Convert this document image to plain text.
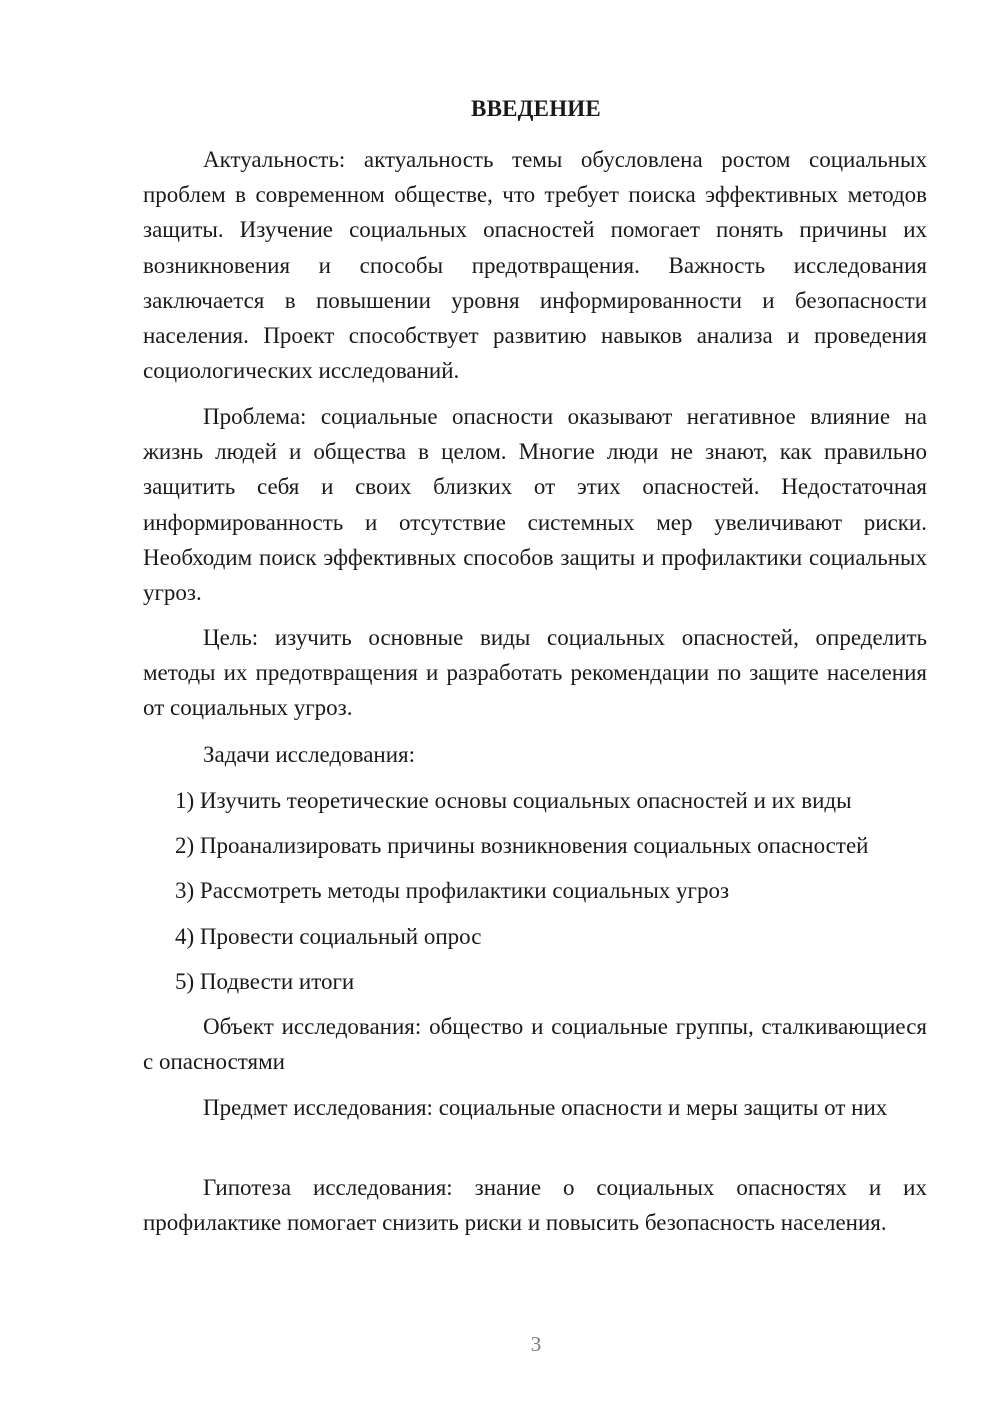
ВВЕДЕНИЕ

Актуальность: актуальность темы обусловлена ростом социальных проблем в современном обществе, что требует поиска эффективных методов защиты. Изучение социальных опасностей помогает понять причины их возникновения и способы предотвращения. Важность исследования заключается в повышении уровня информированности и безопасности населения. Проект способствует развитию навыков анализа и проведения социологических исследований.

Проблема: социальные опасности оказывают негативное влияние на жизнь людей и общества в целом. Многие люди не знают, как правильно защитить себя и своих близких от этих опасностей. Недостаточная информированность и отсутствие системных мер увеличивают риски. Необходим поиск эффективных способов защиты и профилактики социальных угроз.

Цель: изучить основные виды социальных опасностей, определить методы их предотвращения и разработать рекомендации по защите населения от социальных угроз.

Задачи исследования:
1) Изучить теоретические основы социальных опасностей и их виды
2) Проанализировать причины возникновения социальных опасностей
3) Рассмотреть методы профилактики социальных угроз
4) Провести социальный опрос
5) Подвести итоги

Объект исследования: общество и социальные группы, сталкивающиеся с опасностями

Предмет исследования: социальные опасности и меры защиты от них

Гипотеза исследования: знание о социальных опасностях и их профилактике помогает снизить риски и повысить безопасность населения.

3
